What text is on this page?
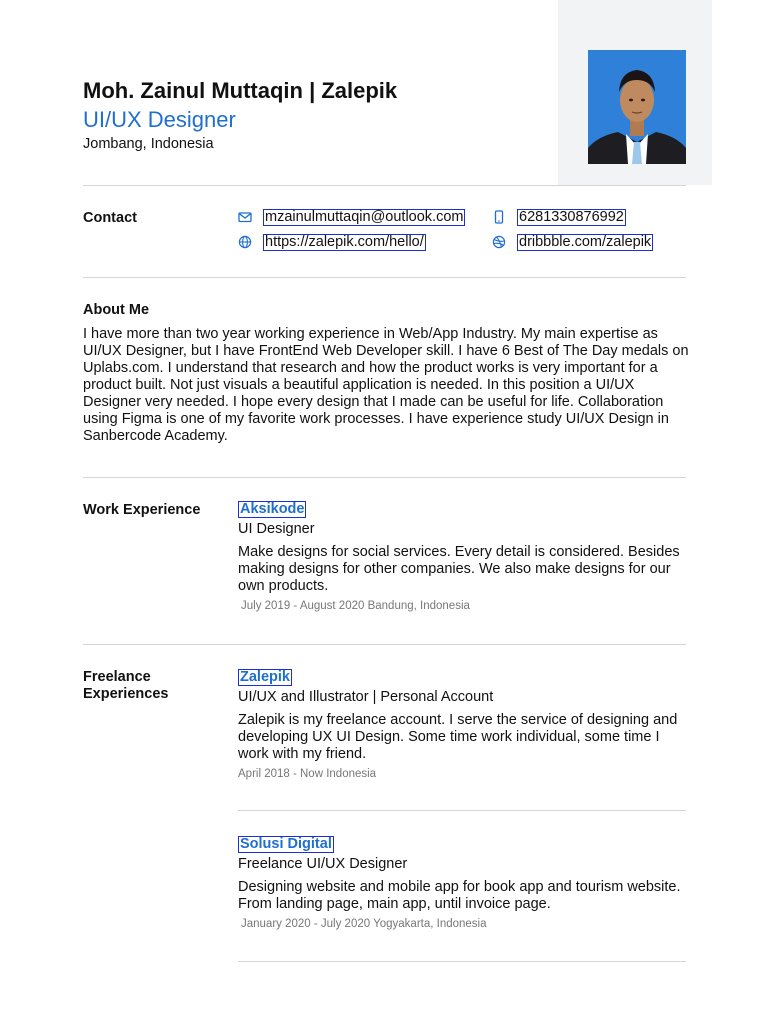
Moh. Zainul Muttaqin | Zalepik
UI/UX Designer
Jombang, Indonesia
Contact	mzainulmuttaqin@outlook.com	6281330876992
https://zalepik.com/hello/	dribbble.com/zalepik
About Me
I have more than two year working experience in Web/App Industry. My main expertise as UI/UX Designer, but I have FrontEnd Web Developer skill. I have 6 Best of The Day medals on Uplabs.com. I understand that research and how the product works is very important for a product built. Not just visuals a beautiful application is needed. In this position a UI/UX Designer very needed. I hope every design that I made can be useful for life. Collaboration using Figma is one of my favorite work processes. I have experience study UI/UX Design in Sanbercode Academy.
Work Experience	Aksikode
UI Designer
Make designs for social services. Every detail is considered. Besides making designs for other companies. We also make designs for our own products.
July 2019 - August 2020 Bandung, Indonesia
Freelance
Experiences
Zalepik
UI/UX and Illustrator | Personal Account
Zalepik is my freelance account. I serve the service of designing and developing UX UI Design. Some time work individual, some time I work with my friend.
April 2018 - Now Indonesia
Solusi Digital
Freelance UI/UX Designer
Designing website and mobile app for book app and tourism website. From landing page, main app, until invoice page.
January 2020 - July 2020 Yogyakarta, Indonesia
